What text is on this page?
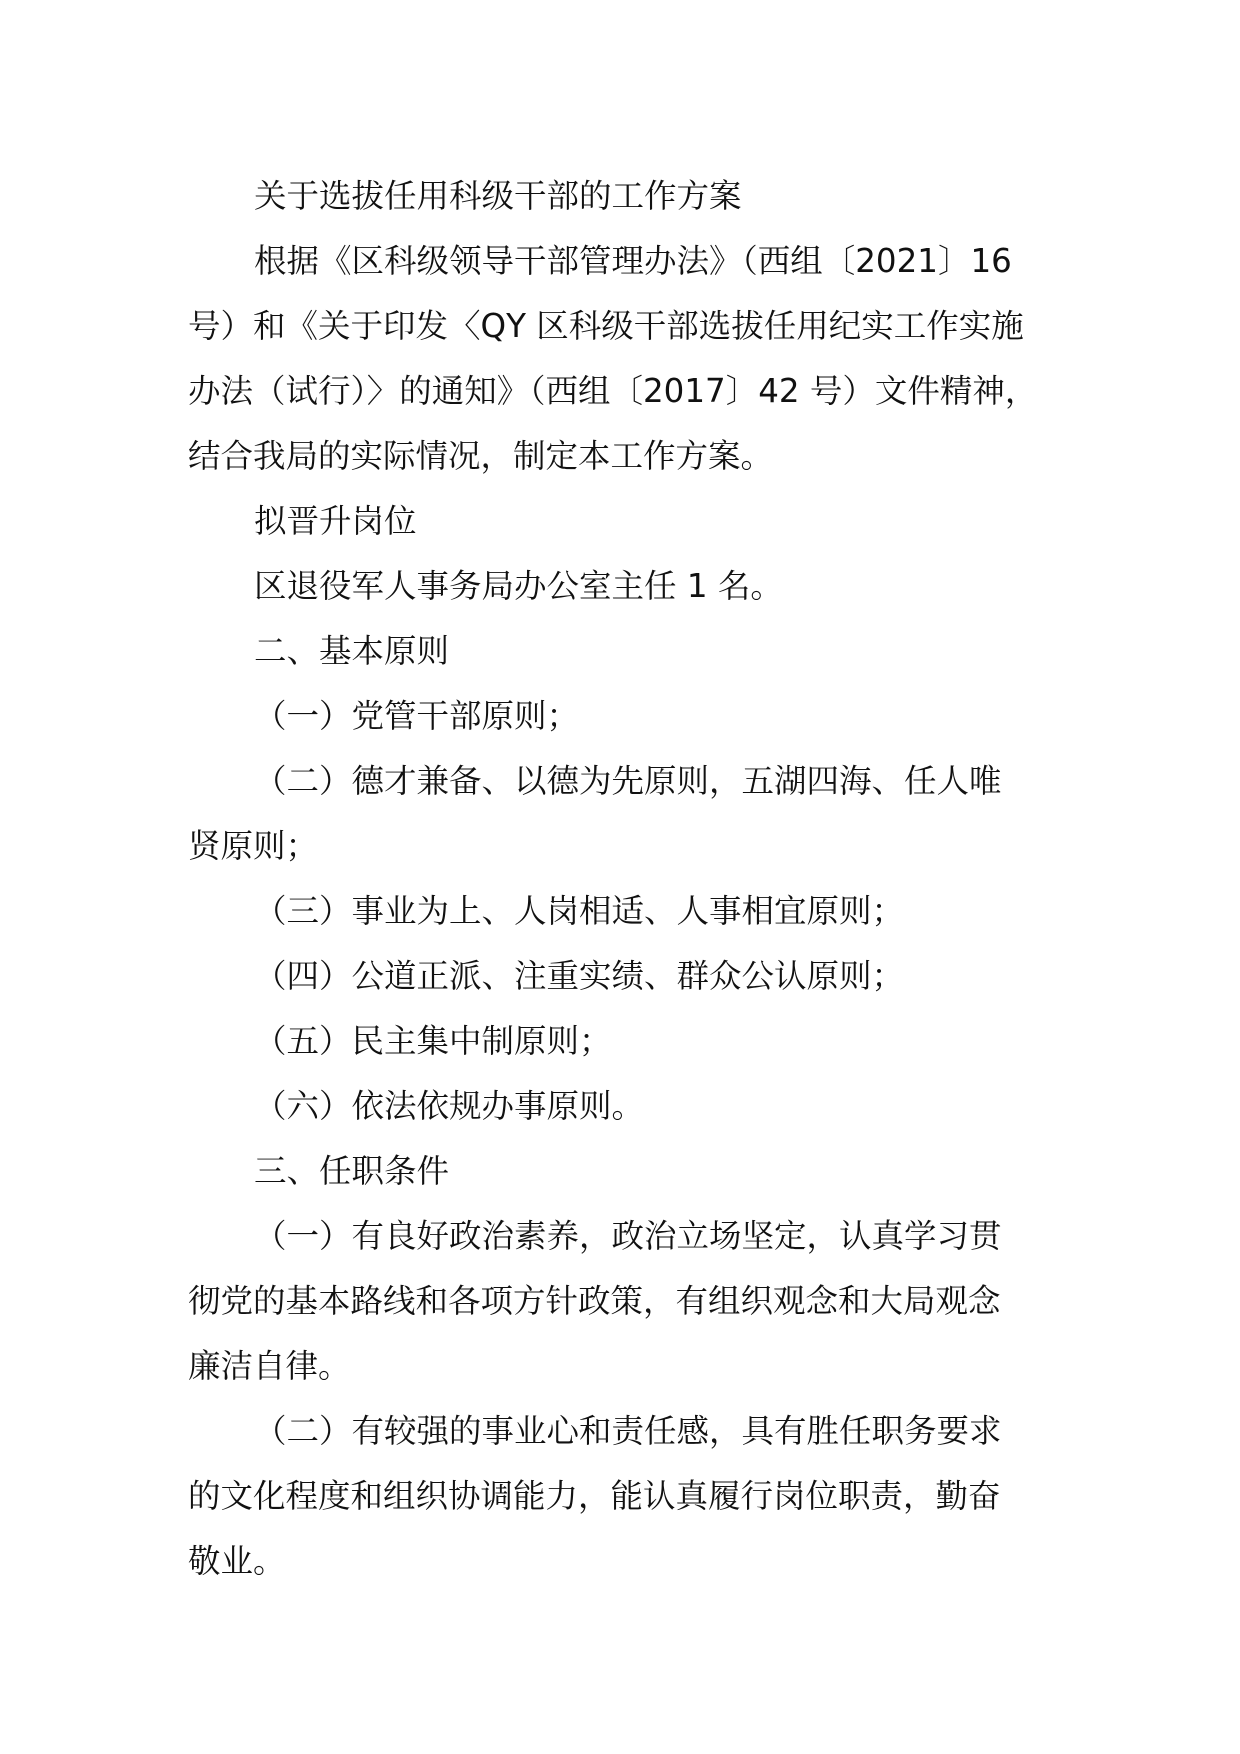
关于选拔任用科级干部的工作方案

根据《区科级领导干部管理办法》（西组〔2021〕16
号）和《关于印发〈QY 区科级干部选拔任用纪实工作实施
办法（试行）〉的通知》（西组〔2017〕42 号）文件精神，
结合我局的实际情况，制定本工作方案。

拟晋升岗位

区退役军人事务局办公室主任 1 名。

二、基本原则

（一）党管干部原则；

（二）德才兼备、以德为先原则，五湖四海、任人唯
贤原则；

（三）事业为上、人岗相适、人事相宜原则；

（四）公道正派、注重实绩、群众公认原则；

（五）民主集中制原则；

（六）依法依规办事原则。

三、任职条件

（一）有良好政治素养，政治立场坚定，认真学习贯
彻党的基本路线和各项方针政策，有组织观念和大局观念
廉洁自律。

（二）有较强的事业心和责任感，具有胜任职务要求
的文化程度和组织协调能力，能认真履行岗位职责，勤奋
敬业。
